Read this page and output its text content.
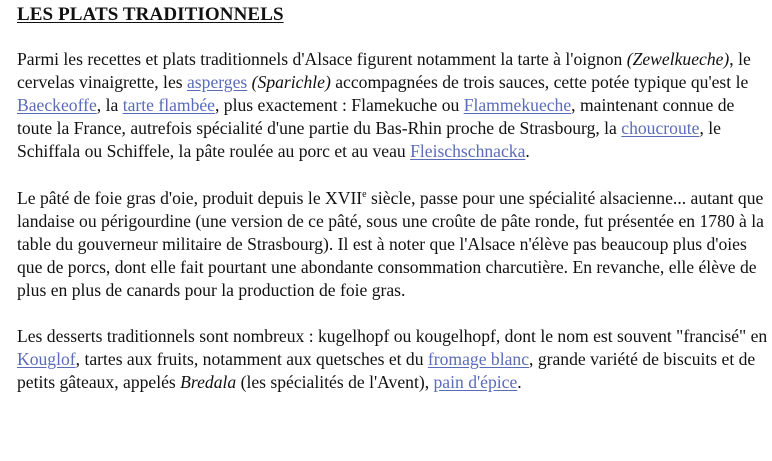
LES PLATS TRADITIONNELS

Parmi les recettes et plats traditionnels d'Alsace figurent notamment la tarte à l'oignon (Zewelkueche), le cervelas vinaigrette, les asperges (Sparichle) accompagnées de trois sauces, cette potée typique qu'est le Baeckeoffe, la tarte flambée, plus exactement : Flamekuche ou Flammekueche, maintenant connue de toute la France, autrefois spécialité d'une partie du Bas-Rhin proche de Strasbourg, la choucroute, le Schiffala ou Schiffele, la pâte roulée au porc et au veau Fleischschnacka.

Le pâté de foie gras d'oie, produit depuis le XVIIe siècle, passe pour une spécialité alsacienne... autant que landaise ou périgourdine (une version de ce pâté, sous une croûte de pâte ronde, fut présentée en 1780 à la table du gouverneur militaire de Strasbourg). Il est à noter que l'Alsace n'élève pas beaucoup plus d'oies que de porcs, dont elle fait pourtant une abondante consommation charcutière. En revanche, elle élève de plus en plus de canards pour la production de foie gras.

Les desserts traditionnels sont nombreux : kugelhopf ou kougelhopf, dont le nom est souvent "francisé" en Kouglof, tartes aux fruits, notamment aux quetsches et du fromage blanc, grande variété de biscuits et de petits gâteaux, appelés Bredala (les spécialités de l'Avent), pain d'épice.
